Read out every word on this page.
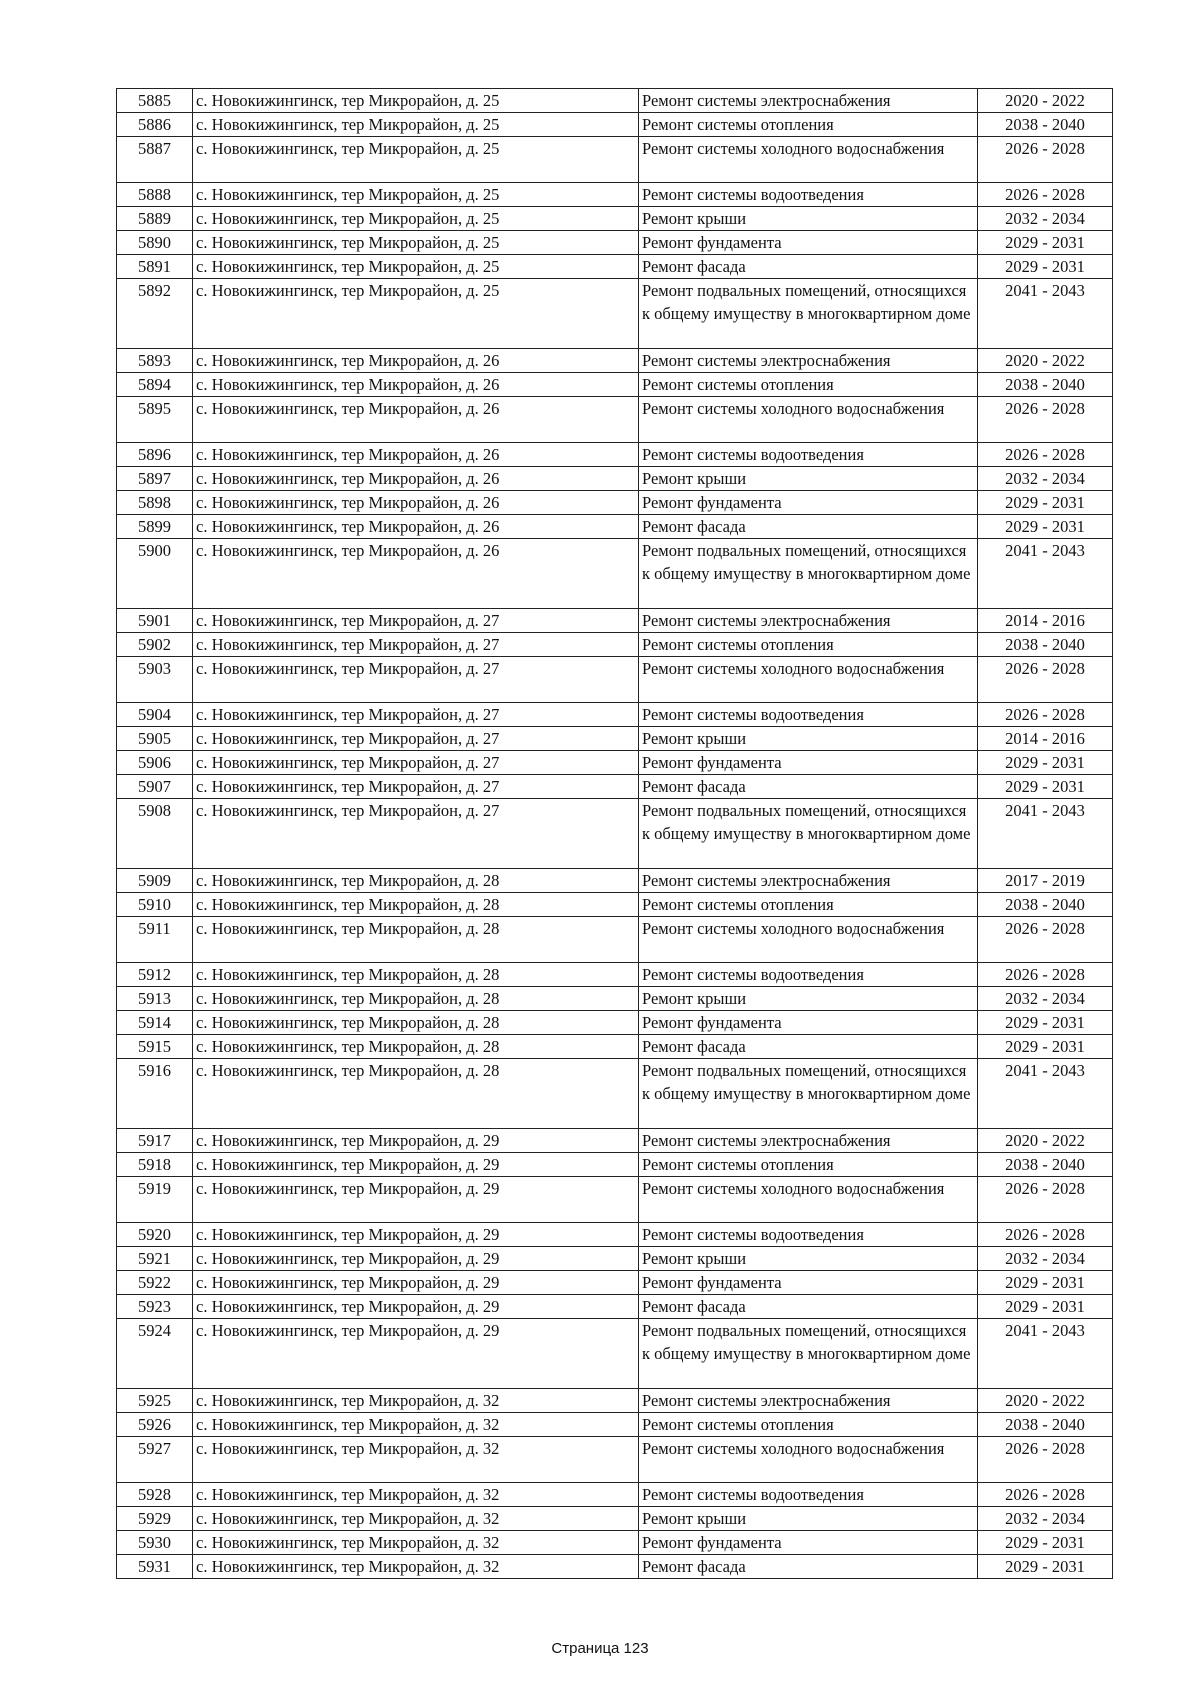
5885	с. Новокижингинск, тер Микрорайон, д. 25	Ремонт системы электроснабжения	2020 - 2022
5886	с. Новокижингинск, тер Микрорайон, д. 25	Ремонт системы отопления	2038 - 2040
5887	с. Новокижингинск, тер Микрорайон, д. 25	Ремонт системы холодного водоснабжения	2026 - 2028
5888	с. Новокижингинск, тер Микрорайон, д. 25	Ремонт системы водоотведения	2026 - 2028
5889	с. Новокижингинск, тер Микрорайон, д. 25	Ремонт крыши	2032 - 2034
5890	с. Новокижингинск, тер Микрорайон, д. 25	Ремонт фундамента	2029 - 2031
5891	с. Новокижингинск, тер Микрорайон, д. 25	Ремонт фасада	2029 - 2031
5892	с. Новокижингинск, тер Микрорайон, д. 25	Ремонт подвальных помещений, относящихся к общему имуществу в многоквартирном доме	2041 - 2043
5893	с. Новокижингинск, тер Микрорайон, д. 26	Ремонт системы электроснабжения	2020 - 2022
5894	с. Новокижингинск, тер Микрорайон, д. 26	Ремонт системы отопления	2038 - 2040
5895	с. Новокижингинск, тер Микрорайон, д. 26	Ремонт системы холодного водоснабжения	2026 - 2028
5896	с. Новокижингинск, тер Микрорайон, д. 26	Ремонт системы водоотведения	2026 - 2028
5897	с. Новокижингинск, тер Микрорайон, д. 26	Ремонт крыши	2032 - 2034
5898	с. Новокижингинск, тер Микрорайон, д. 26	Ремонт фундамента	2029 - 2031
5899	с. Новокижингинск, тер Микрорайон, д. 26	Ремонт фасада	2029 - 2031
5900	с. Новокижингинск, тер Микрорайон, д. 26	Ремонт подвальных помещений, относящихся к общему имуществу в многоквартирном доме	2041 - 2043
5901	с. Новокижингинск, тер Микрорайон, д. 27	Ремонт системы электроснабжения	2014 - 2016
5902	с. Новокижингинск, тер Микрорайон, д. 27	Ремонт системы отопления	2038 - 2040
5903	с. Новокижингинск, тер Микрорайон, д. 27	Ремонт системы холодного водоснабжения	2026 - 2028
5904	с. Новокижингинск, тер Микрорайон, д. 27	Ремонт системы водоотведения	2026 - 2028
5905	с. Новокижингинск, тер Микрорайон, д. 27	Ремонт крыши	2014 - 2016
5906	с. Новокижингинск, тер Микрорайон, д. 27	Ремонт фундамента	2029 - 2031
5907	с. Новокижингинск, тер Микрорайон, д. 27	Ремонт фасада	2029 - 2031
5908	с. Новокижингинск, тер Микрорайон, д. 27	Ремонт подвальных помещений, относящихся к общему имуществу в многоквартирном доме	2041 - 2043
5909	с. Новокижингинск, тер Микрорайон, д. 28	Ремонт системы электроснабжения	2017 - 2019
5910	с. Новокижингинск, тер Микрорайон, д. 28	Ремонт системы отопления	2038 - 2040
5911	с. Новокижингинск, тер Микрорайон, д. 28	Ремонт системы холодного водоснабжения	2026 - 2028
5912	с. Новокижингинск, тер Микрорайон, д. 28	Ремонт системы водоотведения	2026 - 2028
5913	с. Новокижингинск, тер Микрорайон, д. 28	Ремонт крыши	2032 - 2034
5914	с. Новокижингинск, тер Микрорайон, д. 28	Ремонт фундамента	2029 - 2031
5915	с. Новокижингинск, тер Микрорайон, д. 28	Ремонт фасада	2029 - 2031
5916	с. Новокижингинск, тер Микрорайон, д. 28	Ремонт подвальных помещений, относящихся к общему имуществу в многоквартирном доме	2041 - 2043
5917	с. Новокижингинск, тер Микрорайон, д. 29	Ремонт системы электроснабжения	2020 - 2022
5918	с. Новокижингинск, тер Микрорайон, д. 29	Ремонт системы отопления	2038 - 2040
5919	с. Новокижингинск, тер Микрорайон, д. 29	Ремонт системы холодного водоснабжения	2026 - 2028
5920	с. Новокижингинск, тер Микрорайон, д. 29	Ремонт системы водоотведения	2026 - 2028
5921	с. Новокижингинск, тер Микрорайон, д. 29	Ремонт крыши	2032 - 2034
5922	с. Новокижингинск, тер Микрорайон, д. 29	Ремонт фундамента	2029 - 2031
5923	с. Новокижингинск, тер Микрорайон, д. 29	Ремонт фасада	2029 - 2031
5924	с. Новокижингинск, тер Микрорайон, д. 29	Ремонт подвальных помещений, относящихся к общему имуществу в многоквартирном доме	2041 - 2043
5925	с. Новокижингинск, тер Микрорайон, д. 32	Ремонт системы электроснабжения	2020 - 2022
5926	с. Новокижингинск, тер Микрорайон, д. 32	Ремонт системы отопления	2038 - 2040
5927	с. Новокижингинск, тер Микрорайон, д. 32	Ремонт системы холодного водоснабжения	2026 - 2028
5928	с. Новокижингинск, тер Микрорайон, д. 32	Ремонт системы водоотведения	2026 - 2028
5929	с. Новокижингинск, тер Микрорайон, д. 32	Ремонт крыши	2032 - 2034
5930	с. Новокижингинск, тер Микрорайон, д. 32	Ремонт фундамента	2029 - 2031
5931	с. Новокижингинск, тер Микрорайон, д. 32	Ремонт фасада	2029 - 2031
Страница 123
